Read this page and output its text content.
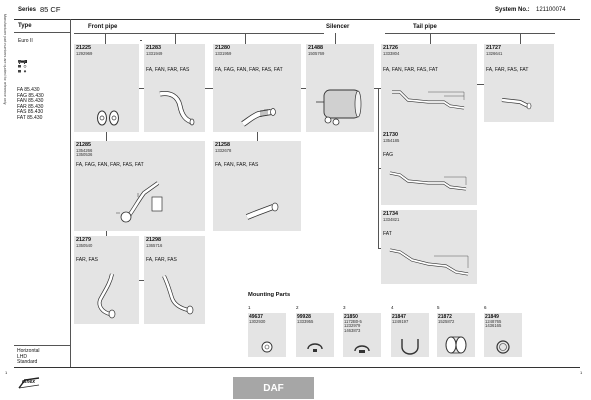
Manufacturer part numbers are quoted for reference only
Series 85 CF	System No.: 121100074
Type
Euro II
FA 85.430
FAG 85.430
FAN 85.430
FAR 85.430
FAS 85.430
FAT 85.430
Horizontal
LHD
Standard
Front pipe	Silencer	Tail pipe
21225
1292969
21283
1331949
FA, FAN, FAR, FAS
21280
1331959
FA, FAG, FAN, FAR, FAS, FAT
21488
1505769
21726
1333804
FA, FAN, FAR, FAS, FAT
21727
1326641
FA, FAR, FAS, FAT
21285
1354266
1350536
FA, FAG, FAN, FAR, FAS, FAT
21258
1332678
FA, FAN, FAR, FAS
21730
1354185
FAG
21734
1334821
FAT
21279
1350540
FAR, FAS
21298
1365716
FA, FAR, FAS
Mounting Parts
1
49637
1302930
2
99928
1333955
3
21850
1172B0-5
1232979
1463873
4
21847
1249197
5
21872
1525872
6
21849
1248765
1436165
1	1
dinex
DAF
